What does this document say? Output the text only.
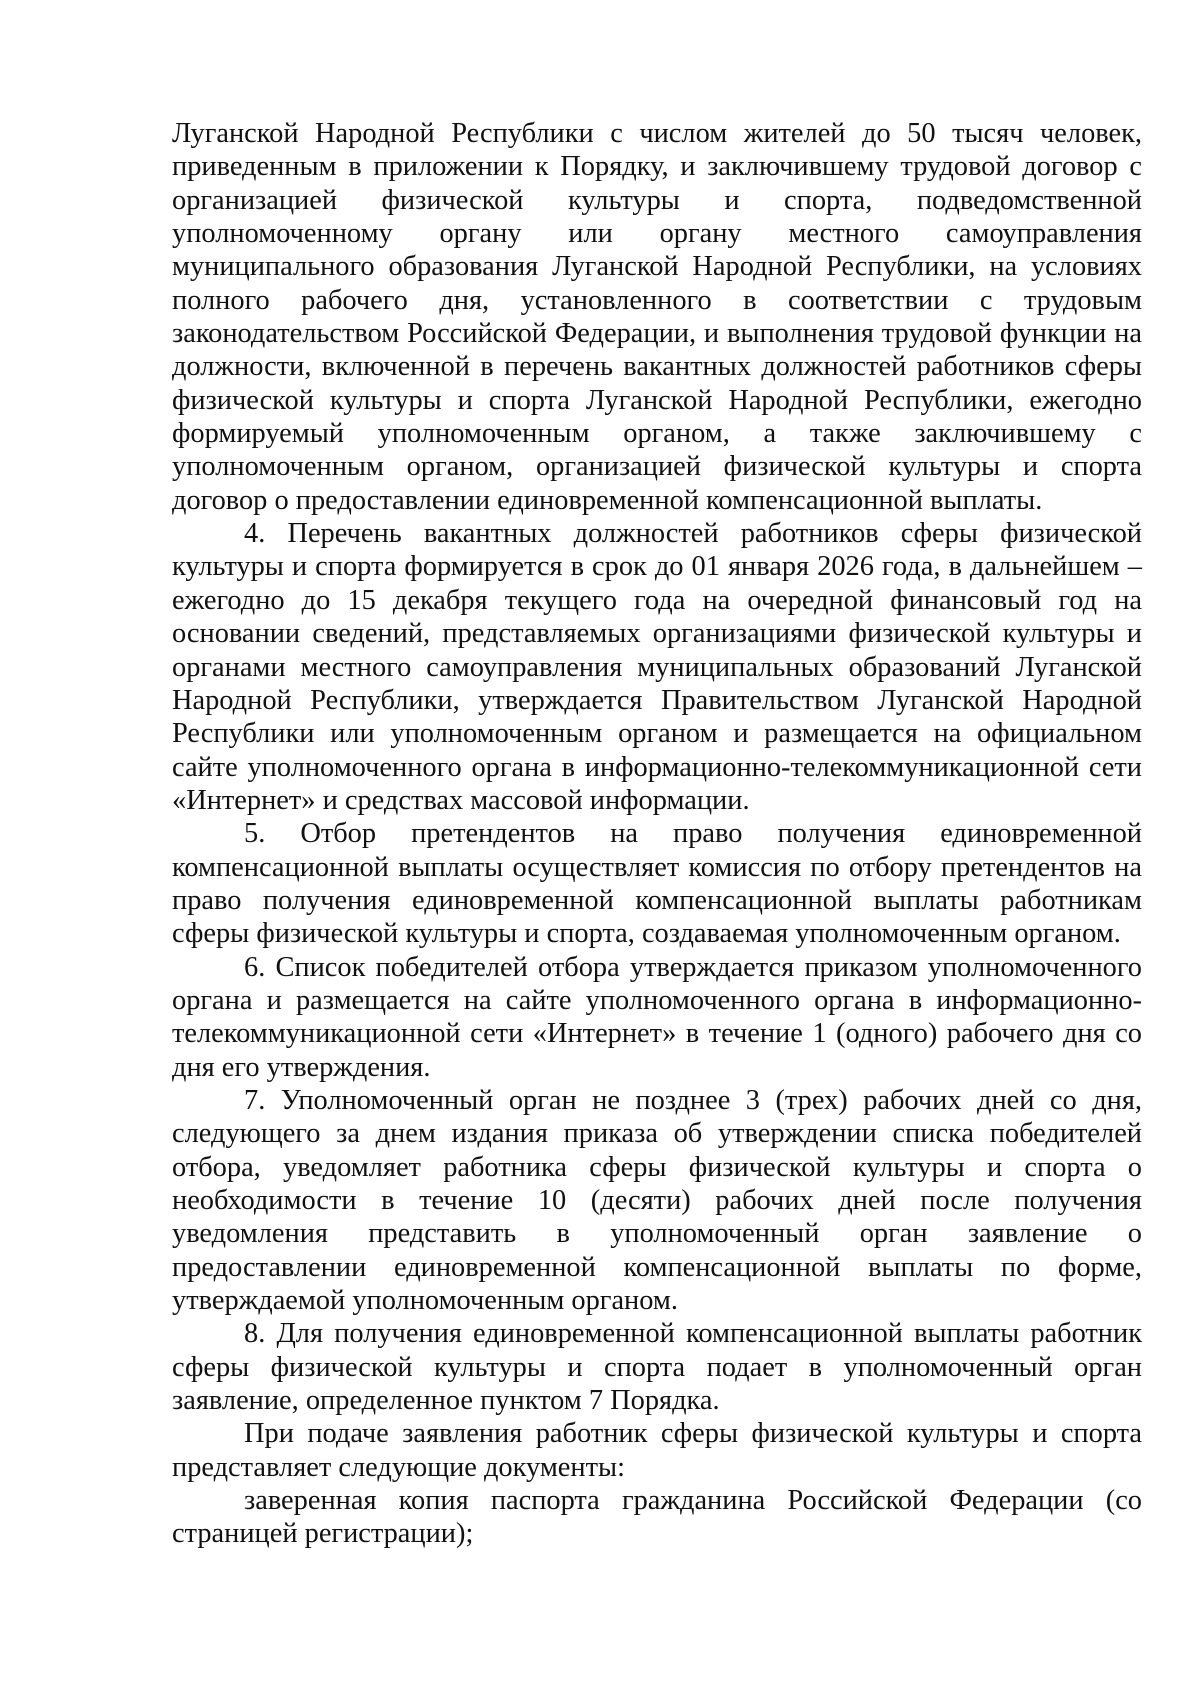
Луганской Народной Республики с числом жителей до 50 тысяч человек, приведенным в приложении к Порядку, и заключившему трудовой договор с организацией физической культуры и спорта, подведомственной уполномоченному органу или органу местного самоуправления муниципального образования Луганской Народной Республики, на условиях полного рабочего дня, установленного в соответствии с трудовым законодательством Российской Федерации, и выполнения трудовой функции на должности, включенной в перечень вакантных должностей работников сферы физической культуры и спорта Луганской Народной Республики, ежегодно формируемый уполномоченным органом, а также заключившему с уполномоченным органом, организацией физической культуры и спорта договор о предоставлении единовременной компенсационной выплаты.

4. Перечень вакантных должностей работников сферы физической культуры и спорта формируется в срок до 01 января 2026 года, в дальнейшем – ежегодно до 15 декабря текущего года на очередной финансовый год на основании сведений, представляемых организациями физической культуры и органами местного самоуправления муниципальных образований Луганской Народной Республики, утверждается Правительством Луганской Народной Республики или уполномоченным органом и размещается на официальном сайте уполномоченного органа в информационно-телекоммуникационной сети «Интернет» и средствах массовой информации.

5. Отбор претендентов на право получения единовременной компенсационной выплаты осуществляет комиссия по отбору претендентов на право получения единовременной компенсационной выплаты работникам сферы физической культуры и спорта, создаваемая уполномоченным органом.

6. Список победителей отбора утверждается приказом уполномоченного органа и размещается на сайте уполномоченного органа в информационно-телекоммуникационной сети «Интернет» в течение 1 (одного) рабочего дня со дня его утверждения.

7. Уполномоченный орган не позднее 3 (трех) рабочих дней со дня, следующего за днем издания приказа об утверждении списка победителей отбора, уведомляет работника сферы физической культуры и спорта о необходимости в течение 10 (десяти) рабочих дней после получения уведомления представить в уполномоченный орган заявление о предоставлении единовременной компенсационной выплаты по форме, утверждаемой уполномоченным органом.

8. Для получения единовременной компенсационной выплаты работник сферы физической культуры и спорта подает в уполномоченный орган заявление, определенное пунктом 7 Порядка.

При подаче заявления работник сферы физической культуры и спорта представляет следующие документы:

заверенная копия паспорта гражданина Российской Федерации (со страницей регистрации);
